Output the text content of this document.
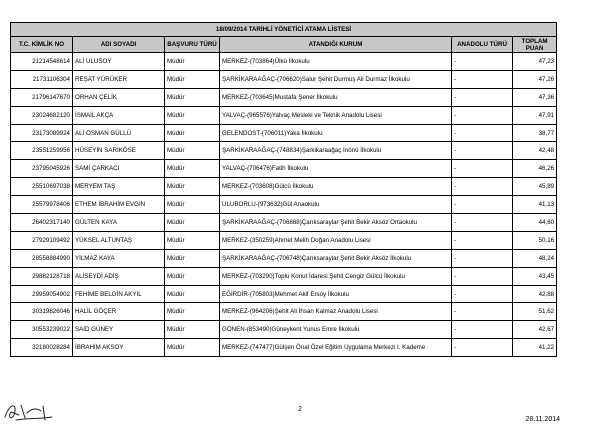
18/09/2014 TARİHLİ YÖNETİCİ ATAMA LİSTESİ					
T.C. KİMLİK NO	ADI SOYADI	BAŞVURU TÜRÜ	ATANDIĞI KURUM	ANADOLU TÜRÜ	TOPLAM
PUAN
21214548614	ALİ ULUSOY	Müdür	MERKEZ-(703864)Ülkü İlkokulu	-	47,23
21731106304	REŞAT YÜRÜKER	Müdür	ŞARKİKARAAĞAÇ-(706620)Salur Şehit Durmuş Ali Durmaz İlkokulu	-	47,26
21796147670	ORHAN ÇELİK	Müdür	MERKEZ-(703645)Mustafa Şener İlkokulu	-	47,36
23024682120	İSMAİL AKÇA	Müdür	YALVAÇ-(965576)Yalvaç Mesleki ve Teknik Anadolu Lisesi	-	47,91
23173089924	ALİ OSMAN GÜLLÜ	Müdür	GELENDOST-(706011)Yaka İlkokulu	-	38,77
23551259956	HÜSEYİN SARIKÖSE	Müdür	ŞARKİKARAAĞAÇ-(748834)Şarkikaraağaç İnönü İlkokulu	-	42,48
23795045926	SAMİ ÇARKACI	Müdür	YALVAÇ-(706476)Fatih İlkokulu	-	46,26
25510697038	MERYEM TAŞ	Müdür	MERKEZ-(703608)Gülcü İlkokulu	-	45,89
25579978406	ETHEM İBRAHİM EVGİN	Müdür	ULUBORLU-(973632)Gül Anaokulu	-	41,13
26402317140	GÜLTEN KAYA	Müdür	ŞARKİKARAAĞAÇ-(706868)Çarıksaraylar Şehit Bekir Aksöz Ortaokulu	-	44,60
27929109492	YÜKSEL ALTUNTAŞ	Müdür	MERKEZ-(350259)Ahmet Melih Doğan Anadolu Lisesi	-	50,16
28558884990	YILMAZ KAYA	Müdür	ŞARKİKARAAĞAÇ-(706748)Çarıksaraylar Şehit Bekir Aksöz İlkokulu	-	48,24
29882128718	ALİSEYDİ ADİŞ	Müdür	MERKEZ-(703290)Toplu Konut İdaresi Şehit Cengiz Gülcü İlkokulu	-	43,45
29959054902	FEHİME BELGİN AKYIL	Müdür	EĞİRDİR-(705803)Mehmet Akif Ersoy İlkokulu	-	42,88
30319826046	HALİL GÖÇER	Müdür	MERKEZ-(964206)Şehit Ali İhsan Kalmaz Anadolu Lisesi	-	51,62
30553239022	SAİD GÜNEY	Müdür	GÖNEN-(853490)Güneykent Yunus Emre İlkokulu	-	42,67
32180028284	İBRAHİM AKSOY	Müdür	MERKEZ-(747477)Gülşen Önal Özel Eğitim Uygulama Merkezi I. Kademe	-	41,22
2
28.11.2014
